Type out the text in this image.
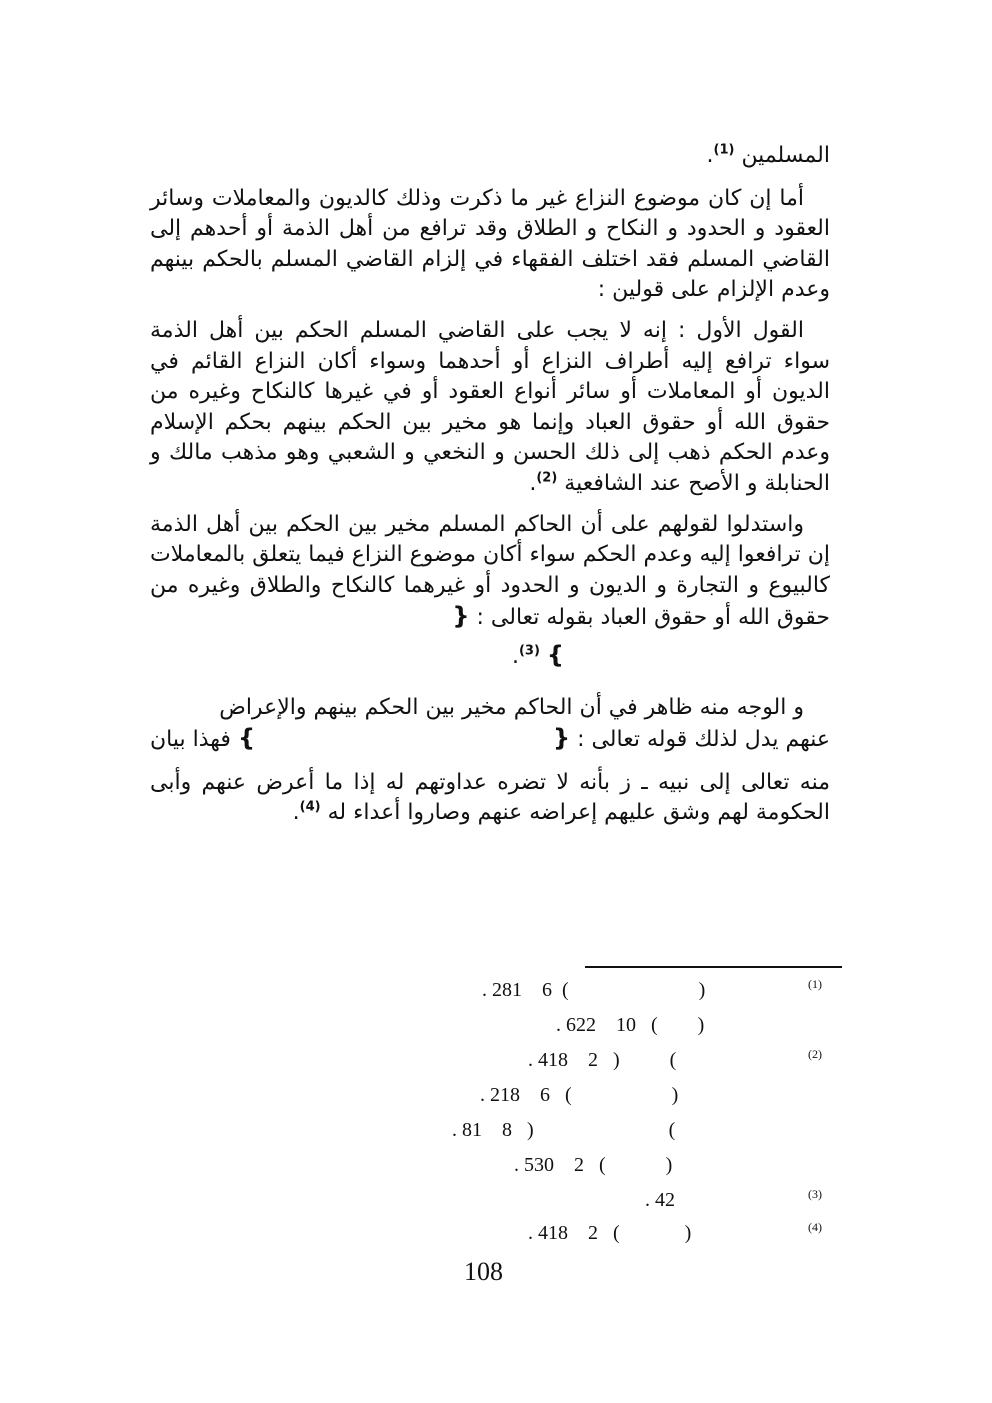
المسلمين $^{(1)}$.

أما إن كان موضوع النزاع غير ما ذكرت وذلك كالديون والمعاملات وسائر العقود و الحدود و النكاح و الطلاق وقد ترافع من أهل الذمة أو أحدهم إلى القاضي المسلم فقد اختلف الفقهاء في إلزام القاضي المسلم بالحكم بينهم وعدم الإلزام على قولين :

القول الأول : إنه لا يجب على القاضي المسلم الحكم بين أهل الذمة سواء ترافع إليه أطراف النزاع أو أحدهما وسواء أكان النزاع القائم في الديون أو المعاملات أو سائر أنواع العقود أو في غيرها كالنكاح وغيره من حقوق الله أو حقوق العباد وإنما هو مخير بين الحكم بينهم بحكم الإسلام وعدم الحكم ذهب إلى ذلك الحسن و النخعي و الشعبي وهو مذهب مالك و الحنابلة و الأصح عند الشافعية $^{(2)}$.

واستدلوا لقولهم على أن الحاكم المسلم مخير بين الحكم بين أهل الذمة إن ترافعوا إليه وعدم الحكم سواء أكان موضوع النزاع فيما يتعلق بالمعاملات كالبيوع و التجارة و الديون و الحدود أو غيرهما كالنكاح والطلاق وغيره من حقوق الله أو حقوق العباد بقوله تعالى : {

} $^{(3)}$.

و الوجه منه ظاهر في أن الحاكم مخير بين الحكم بينهم والإعراض

عنهم يدل لذلك قوله تعالى : {
} فهذا بيان

منه تعالى إلى نبيه ـ ز بأنه لا تضره عداوتهم له إذا ما أعرض عنهم وأبى الحكومة لهم وشق عليهم إعراضه عنهم وصاروا أعداء له $^{(4)}$.

(1)
. 281    6  (                          )
. 622    10   (        )
(2)
. 418    2   )          (
. 218    6   (                    )
. 81    8   )                           (
. 530    2   (            )
(3)
. 42
(4)
. 418    2   (             )
108
